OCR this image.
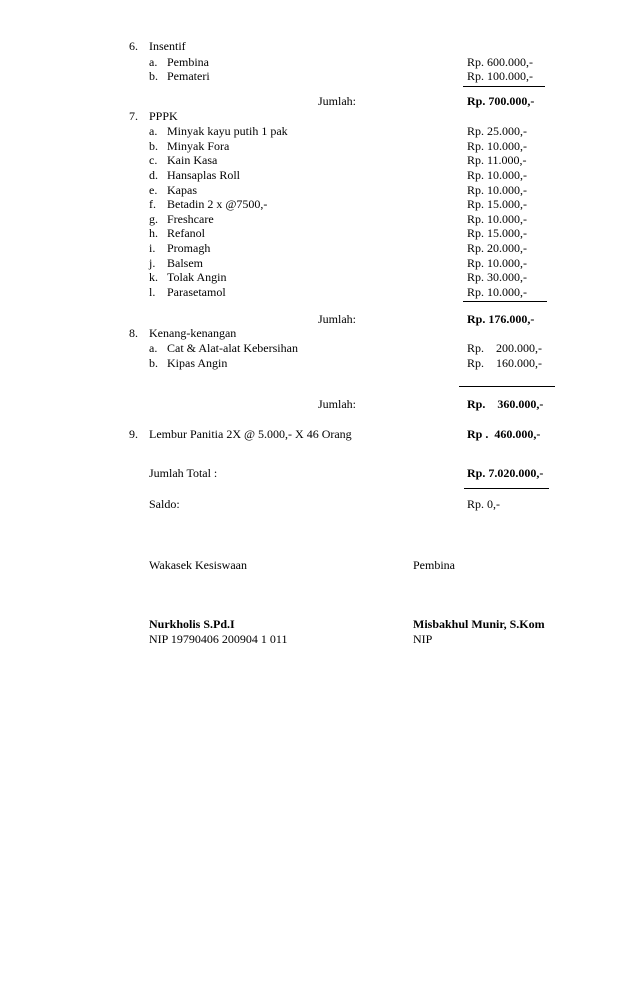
6. Insentif
a. Pembina	Rp. 600.000,-
b. Pemateri	Rp. 100.000,-
Jumlah:	Rp. 700.000,-
7. PPPK
a. Minyak kayu putih 1 pak	Rp. 25.000,-
b. Minyak Fora	Rp. 10.000,-
c. Kain Kasa	Rp. 11.000,-
d. Hansaplas Roll	Rp. 10.000,-
e. Kapas	Rp. 10.000,-
f. Betadin 2 x @7500,-	Rp. 15.000,-
g. Freshcare	Rp. 10.000,-
h. Refanol	Rp. 15.000,-
i. Promagh	Rp. 20.000,-
j. Balsem	Rp. 10.000,-
k. Tolak Angin	Rp. 30.000,-
l. Parasetamol	Rp. 10.000,-
Jumlah:	Rp. 176.000,-
8. Kenang-kenangan
a. Cat & Alat-alat Kebersihan	Rp.    200.000,-
b. Kipas Angin	Rp.    160.000,-
Jumlah:	Rp.    360.000,-
9. Lembur Panitia 2X @ 5.000,- X 46 Orang	Rp .  460.000,-
Jumlah Total :	Rp. 7.020.000,-
Saldo:	Rp. 0,-
Wakasek Kesiswaan	Pembina
Nurkholis S.Pd.I	Misbakhul Munir, S.Kom
NIP 19790406 200904 1 011	NIP
